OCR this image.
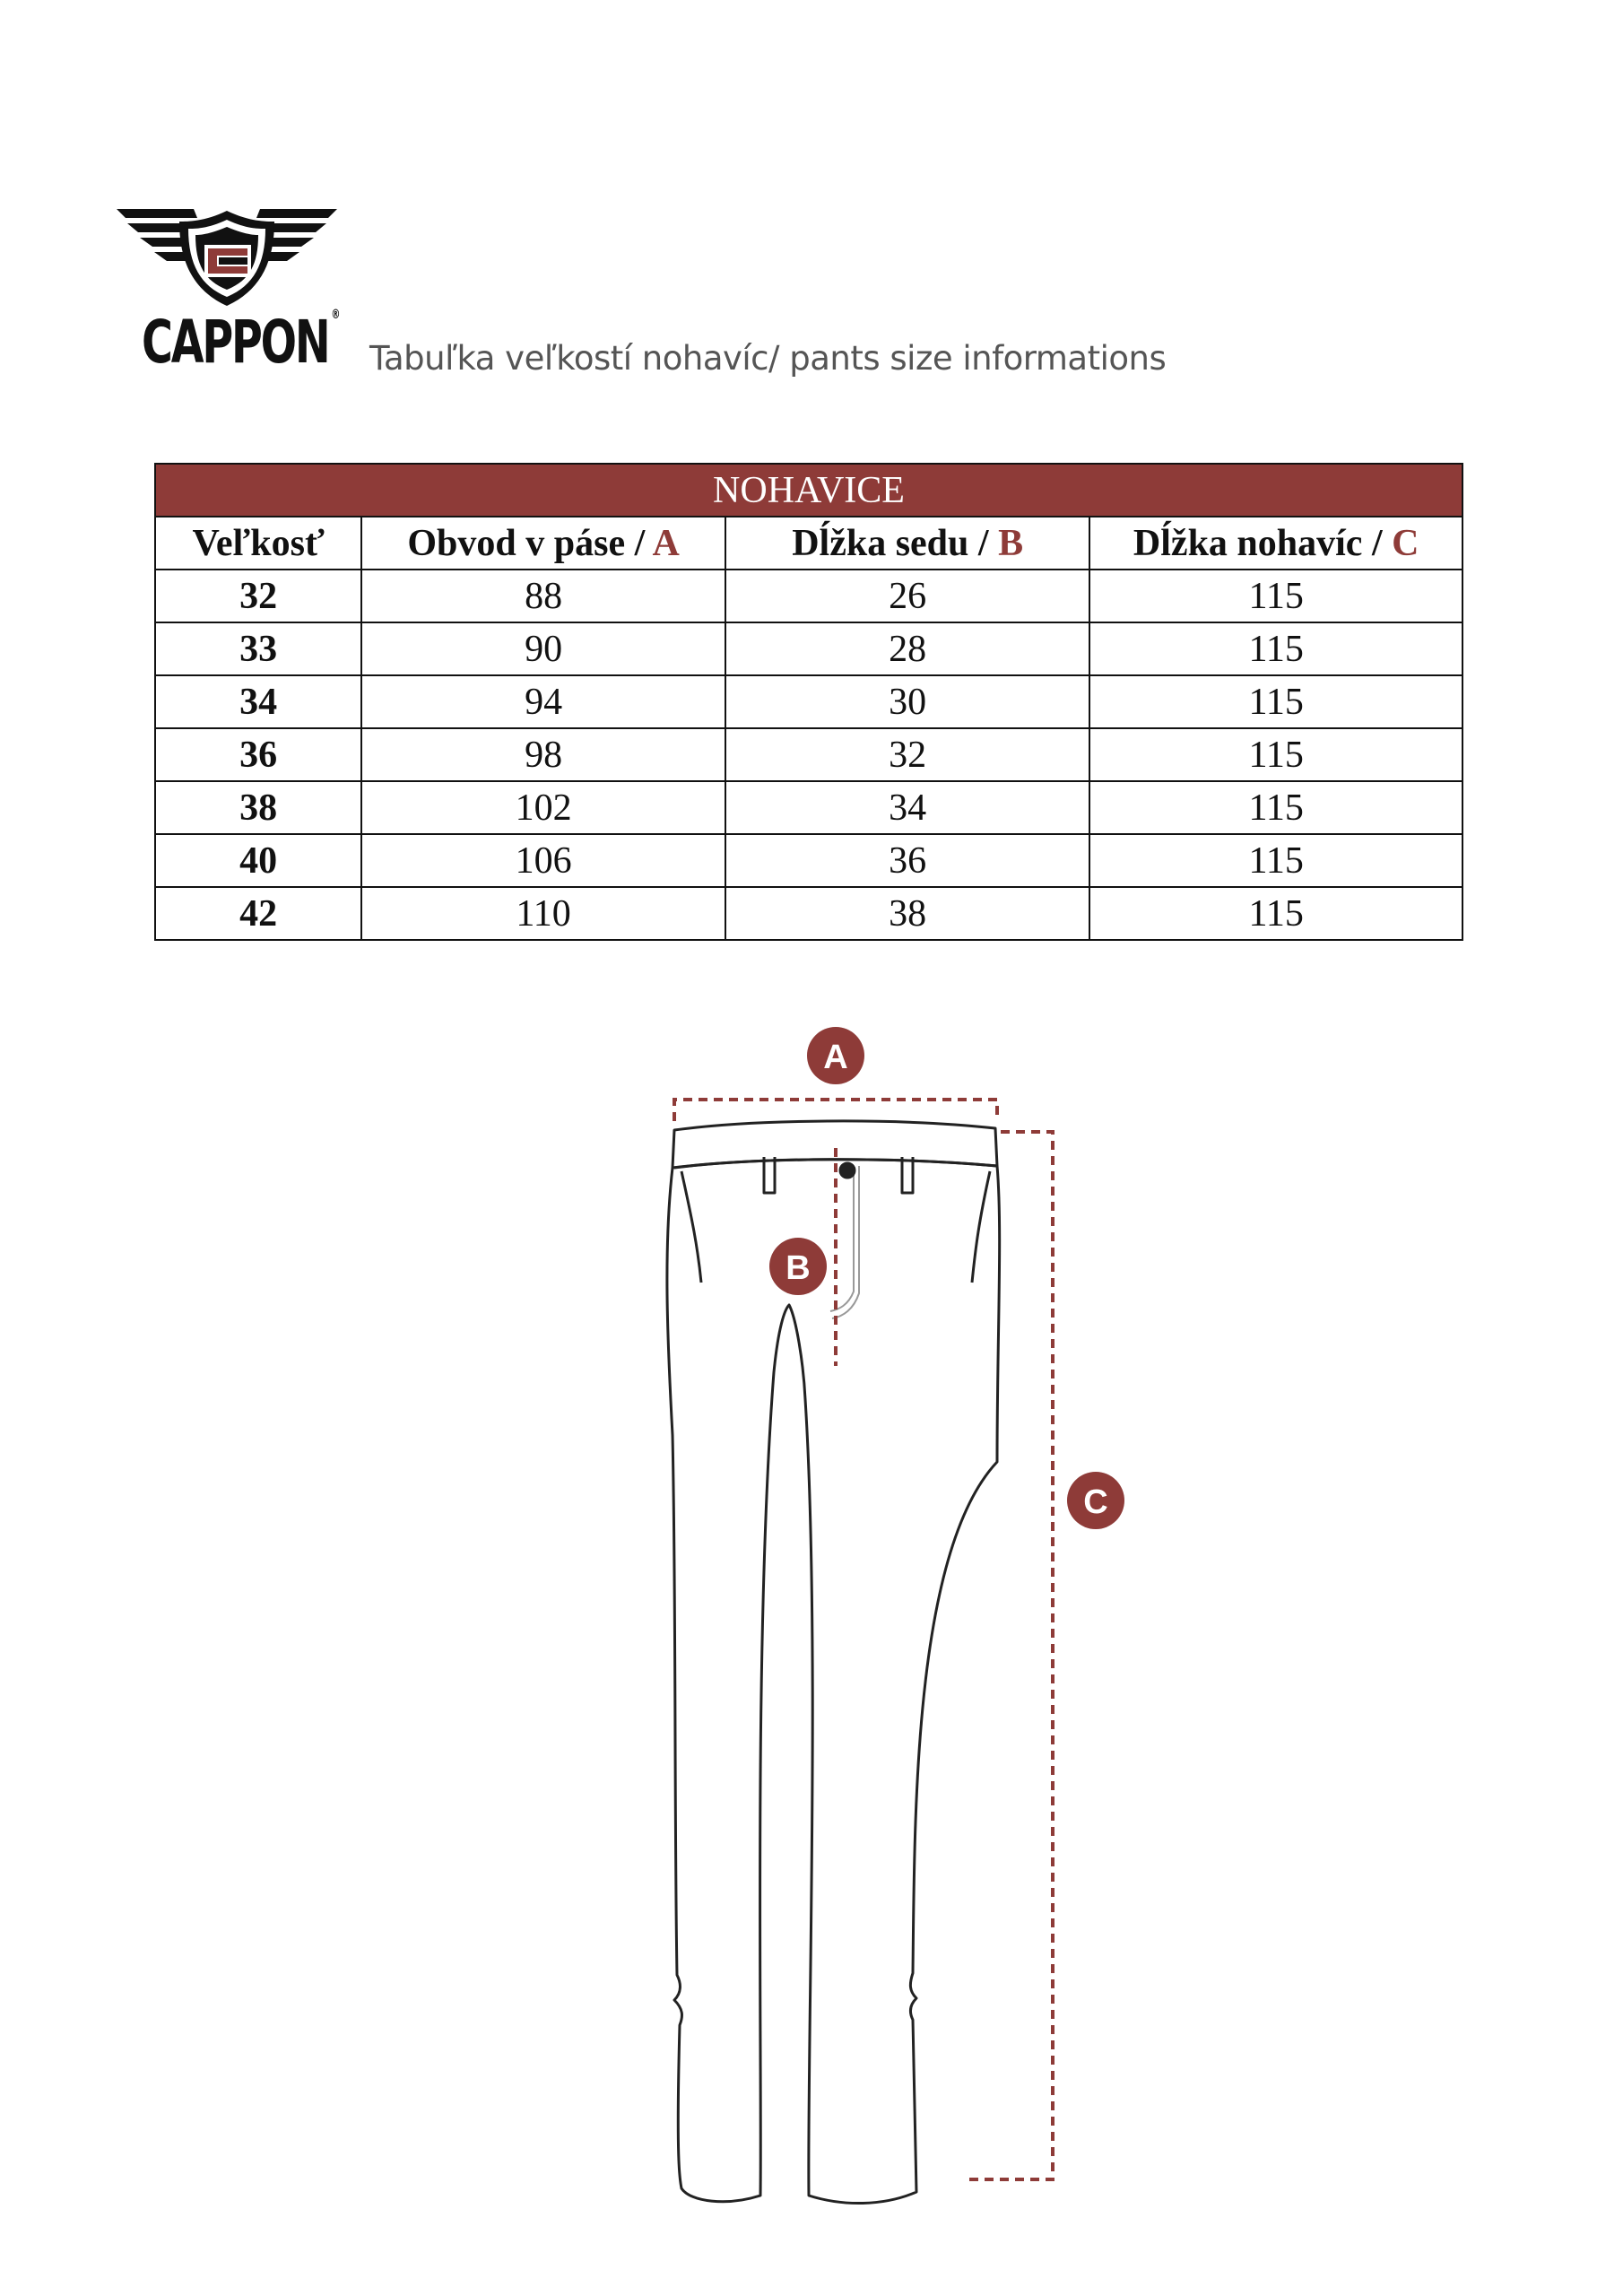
CAPPON ®
Tabuľka veľkostí nohavíc/ pants size informations
NOHAVICE			
Veľkosť	Obvod v páse / A	Dĺžka sedu / B	Dĺžka nohavíc / C
32	88	26	115
33	90	28	115
34	94	30	115
36	98	32	115
38	102	34	115
40	106	36	115
42	110	38	115
A
B
C
